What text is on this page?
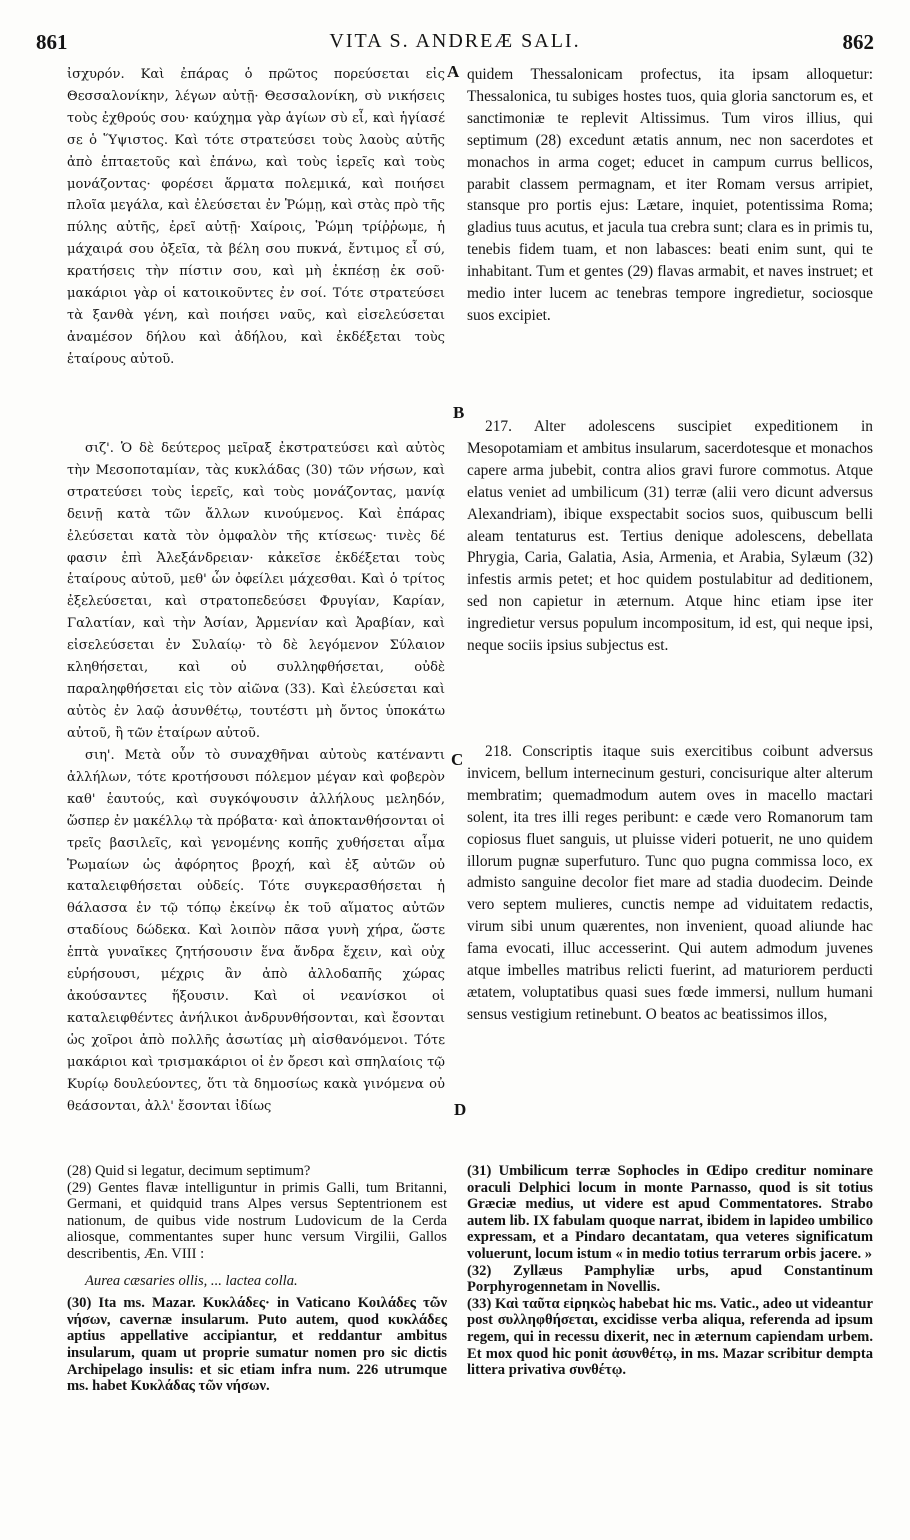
861	VITA S. ANDREÆ SALI.	862

ἰσχυρόν. Καὶ ἐπάρας ὁ πρῶτος πορεύσεται εἰς Θεσσαλονίκην, λέγων αὐτῇ· Θεσσαλονίκη, σὺ νικήσεις τοὺς ἐχθρούς σου· καύχημα γὰρ ἁγίων σὺ εἶ, καὶ ἡγίασέ σε ὁ Ὕψιστος. Καὶ τότε στρατεύσει τοὺς λαοὺς αὐτῆς ἀπὸ ἑπταετοῦς καὶ ἐπάνω, καὶ τοὺς ἱερεῖς καὶ τοὺς μονάζοντας· φορέσει ἅρματα πολεμικά, καὶ ποιήσει πλοῖα μεγάλα, καὶ ἐλεύσεται ἐν Ῥώμῃ, καὶ στὰς πρὸ τῆς πύλης αὐτῆς, ἐρεῖ αὐτῇ· Χαίροις, Ῥώμη τρίῤῥωμε, ἡ μάχαιρά σου ὀξεῖα, τὰ βέλη σου πυκνά, ἔντιμος εἶ σύ, κρατήσεις τὴν πίστιν σου, καὶ μὴ ἐκπέσῃ ἐκ σοῦ· μακάριοι γὰρ οἱ κατοικοῦντες ἐν σοί. Τότε στρατεύσει τὰ ξανθὰ γένη, καὶ ποιήσει ναῦς, καὶ εἰσελεύσεται ἀναμέσον δήλου καὶ ἀδήλου, καὶ ἐκδέξεται τοὺς ἑταίρους αὐτοῦ.

σιζ'. Ὁ δὲ δεύτερος μεῖραξ ἐκστρατεύσει καὶ αὐτὸς τὴν Μεσοποταμίαν, τὰς κυκλάδας (30) τῶν νήσων, καὶ στρατεύσει τοὺς ἱερεῖς, καὶ τοὺς μονάζοντας, μανίᾳ δεινῇ κατὰ τῶν ἄλλων κινούμενος. Καὶ ἐπάρας ἐλεύσεται κατὰ τὸν ὀμφαλὸν τῆς κτίσεως· τινὲς δέ φασιν ἐπὶ Ἀλεξάνδρειαν· κἀκεῖσε ἐκδέξεται τοὺς ἑταίρους αὐτοῦ, μεθ' ὧν ὀφείλει μάχεσθαι. Καὶ ὁ τρίτος ἐξελεύσεται, καὶ στρατοπεδεύσει Φρυγίαν, Καρίαν, Γαλατίαν, καὶ τὴν Ἀσίαν, Ἀρμενίαν καὶ Ἀραβίαν, καὶ εἰσελεύσεται ἐν Συλαίῳ· τὸ δὲ λεγόμενον Σύλαιον κληθήσεται, καὶ οὐ συλληφθήσεται, οὐδὲ παραληφθήσεται εἰς τὸν αἰῶνα (33). Καὶ ἐλεύσεται καὶ αὐτὸς ἐν λαῷ ἀσυνθέτῳ, τουτέστι μὴ ὄντος ὑποκάτω αὐτοῦ, ἢ τῶν ἑταίρων αὐτοῦ.

σιη'. Μετὰ οὖν τὸ συναχθῆναι αὐτοὺς κατέναντι ἀλλήλων, τότε κροτήσουσι πόλεμον μέγαν καὶ φοβερὸν καθ' ἑαυτούς, καὶ συγκόψουσιν ἀλλήλους μεληδόν, ὥσπερ ἐν μακέλλῳ τὰ πρόβατα· καὶ ἀποκτανθήσονται οἱ τρεῖς βασιλεῖς, καὶ γενομένης κοπῆς χυθήσεται αἷμα Ῥωμαίων ὡς ἀφόρητος βροχή, καὶ ἐξ αὐτῶν οὐ καταλειφθήσεται οὐδείς. Τότε συγκερασθήσεται ἡ θάλασσα ἐν τῷ τόπῳ ἐκείνῳ ἐκ τοῦ αἵματος αὐτῶν σταδίους δώδεκα. Καὶ λοιπὸν πᾶσα γυνὴ χήρα, ὥστε ἑπτὰ γυναῖκες ζητήσουσιν ἕνα ἄνδρα ἔχειν, καὶ οὐχ εὑρήσουσι, μέχρις ἂν ἀπὸ ἀλλοδαπῆς χώρας ἀκούσαντες ἥξουσιν. Καὶ οἱ νεανίσκοι οἱ καταλειφθέντες ἀνήλικοι ἀνδρυνθήσονται, καὶ ἔσονται ὡς χοῖροι ἀπὸ πολλῆς ἀσωτίας μὴ αἰσθανόμενοι. Τότε μακάριοι καὶ τρισμακάριοι οἱ ἐν ὄρεσι καὶ σπηλαίοις τῷ Κυρίῳ δουλεύοντες, ὅτι τὰ δημοσίως κακὰ γινόμενα οὐ θεάσονται, ἀλλ' ἔσονται ἰδίως

A
B
C
D

quidem Thessalonicam profectus, ita ipsam alloquetur: Thessalonica, tu subiges hostes tuos, quia gloria sanctorum es, et sanctimoniæ te replevit Altissimus. Tum viros illius, qui septimum (28) excedunt ætatis annum, nec non sacerdotes et monachos in arma coget; educet in campum currus bellicos, parabit classem permagnam, et iter Romam versus arripiet, stansque pro portis ejus: Lætare, inquiet, potentissima Roma; gladius tuus acutus, et jacula tua crebra sunt; clara es in primis tu, tenebis fidem tuam, et non labasces: beati enim sunt, qui te inhabitant. Tum et gentes (29) flavas armabit, et naves instruet; et medio inter lucem ac tenebras tempore ingredietur, sociosque suos excipiet.

217. Alter adolescens suscipiet expeditionem in Mesopotamiam et ambitus insularum, sacerdotesque et monachos capere arma jubebit, contra alios gravi furore commotus. Atque elatus veniet ad umbilicum (31) terræ (alii vero dicunt adversus Alexandriam), ibique exspectabit socios suos, quibuscum belli aleam tentaturus est. Tertius denique adolescens, debellata Phrygia, Caria, Galatia, Asia, Armenia, et Arabia, Sylæum (32) infestis armis petet; et hoc quidem postulabitur ad deditionem, sed non capietur in æternum. Atque hinc etiam ipse iter ingredietur versus populum incompositum, id est, qui neque ipsi, neque sociis ipsius subjectus est.

218. Conscriptis itaque suis exercitibus coibunt adversus invicem, bellum internecinum gesturi, concisurique alter alterum membratim; quemadmodum autem oves in macello mactari solent, ita tres illi reges peribunt: e cæde vero Romanorum tam copiosus fluet sanguis, ut pluisse videri potuerit, ne uno quidem illorum pugnæ superfuturo. Tunc quo pugna commissa loco, ex admisto sanguine decolor fiet mare ad stadia duodecim. Deinde vero septem mulieres, cunctis nempe ad viduitatem redactis, virum sibi unum quærentes, non invenient, quoad aliunde hac fama evocati, illuc accesserint. Qui autem admodum juvenes atque imbelles matribus relicti fuerint, ad maturiorem perducti ætatem, voluptatibus quasi sues fœde immersi, nullum humani sensus vestigium retinebunt. O beatos ac beatissimos illos,

(28) Quid si legatur, decimum septimum?

(29) Gentes flavæ intelliguntur in primis Galli, tum Britanni, Germani, et quidquid trans Alpes versus Septentrionem est nationum, de quibus vide nostrum Ludovicum de la Cerda aliosque, commentantes super hunc versum Virgilii, Gallos describentis, Æn. VIII :

Aurea cæsaries ollis, ... lactea colla.

(30) Ita ms. Mazar. Κυκλάδες· in Vaticano Κοιλάδες τῶν νήσων, cavernæ insularum. Puto autem, quod κυκλάδες aptius appellative accipiantur, et reddantur ambitus insularum, quam ut proprie sumatur nomen pro sic dictis Archipelago insulis: et sic etiam infra num. 226 utrumque ms. habet Κυκλάδας τῶν νήσων.

(31) Umbilicum terræ Sophocles in Œdipo creditur nominare oraculi Delphici locum in monte Parnasso, quod is sit totius Græciæ medius, ut videre est apud Commentatores. Strabo autem lib. IX fabulam quoque narrat, ibidem in lapideo umbilico expressam, et a Pindaro decantatam, qua veteres significatum voluerunt, locum istum « in medio totius terrarum orbis jacere. »

(32) Zyllæus Pamphyliæ urbs, apud Constantinum Porphyrogennetam in Novellis.

(33) Καὶ ταῦτα εἰρηκὼς habebat hic ms. Vatic., adeo ut videantur post συλληφθήσεται, excidisse verba aliqua, referenda ad ipsum regem, qui in recessu dixerit, nec in æternum capiendam urbem. Et mox quod hic ponit ἀσυνθέτῳ, in ms. Mazar scribitur dempta littera privativa συνθέτῳ.
